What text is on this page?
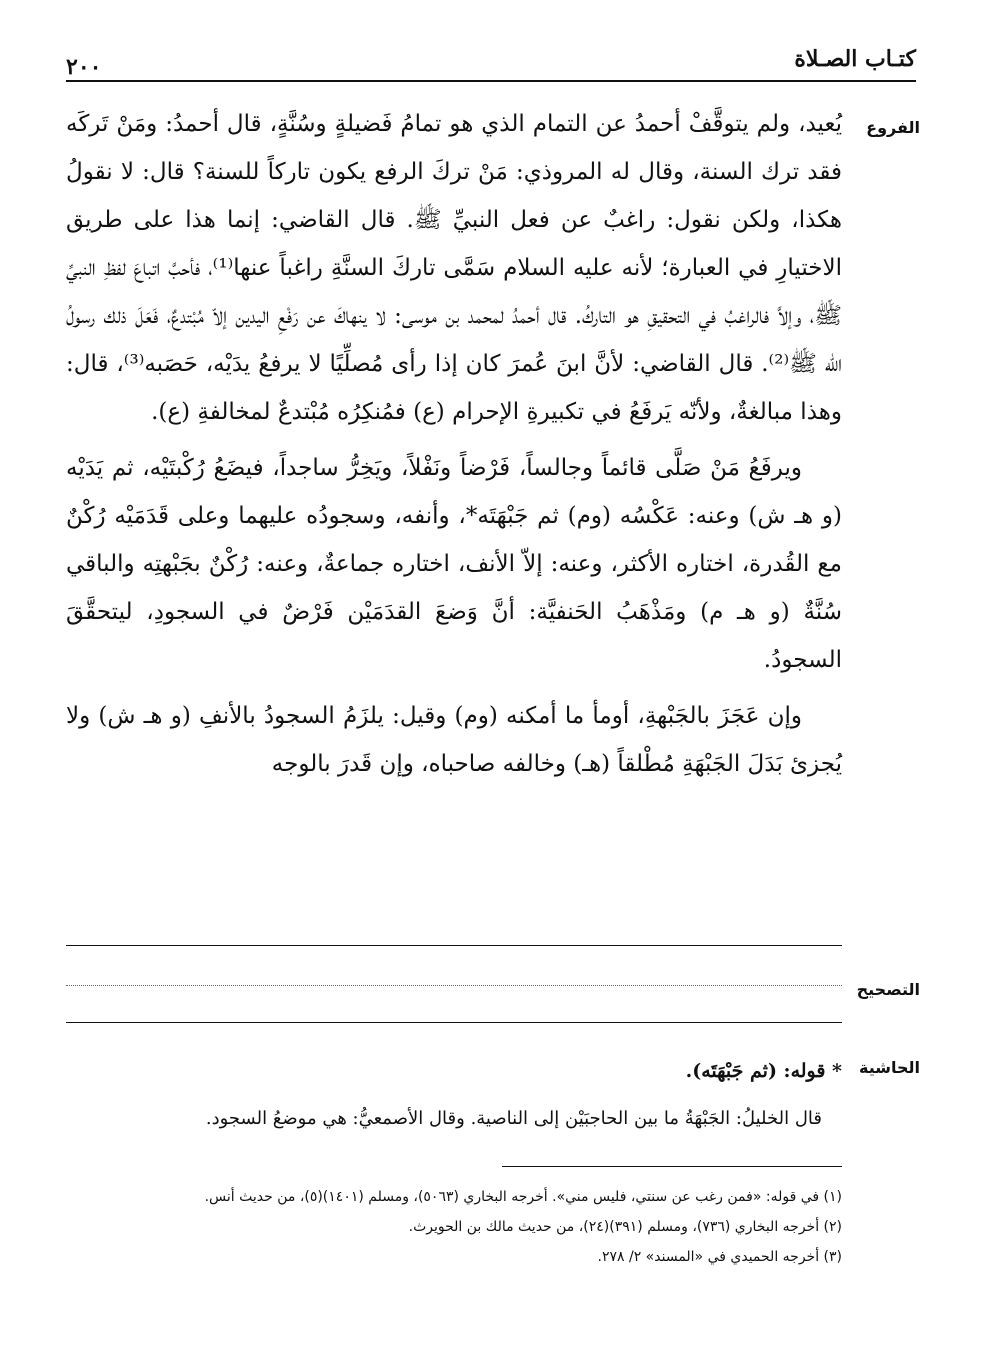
كتـاب الصـلاة
٢٠٠
الفروع

يُعيد، ولم يتوقَّفْ أحمدُ عن التمام الذي هو تمامُ فَضيلةٍ وسُنَّةٍ، قال أحمدُ: ومَنْ تَركَه فقد ترك السنة، وقال له المروذي: مَنْ تركَ الرفع يكون تاركاً للسنة؟ قال: لا نقولُ هكذا، ولكن نقول: راغبٌ عن فعل النبيِّ ﷺ. قال القاضي: إنما هذا على طريق الاختيارِ في العبارة؛ لأنه عليه السلام سَمَّى تاركَ السنَّةِ راغباً عنها⁽¹⁾، فأحبَّ اتباعَ لفظِ النبيِّ ﷺ، وإلاَّ فالراغبُ في التحقيقِ هو التاركُ. قال أحمدُ لمحمد بن موسى: لا ينهاكَ عن رَفْعِ اليدين إلاّ مُبْتدعٌ، فَعَلَ ذلك رسولُ الله ﷺ⁽²⁾. قال القاضي: لأنَّ ابنَ عُمرَ كان إذا رأى مُصلِّيًا لا يرفعُ يدَيْه، حَصَبه⁽³⁾، قال: وهذا مبالغةٌ، ولأنّه يَرفَعُ في تكبيرةِ الإحرام (ع) فمُنكِرُه مُبْتدعٌ لمخالفةِ (ع).

ويرفَعُ مَنْ صَلَّى قائماً وجالساً، فَرْضاً ونَفْلاً، ويَخِرُّ ساجداً، فيضَعُ رُكْبتَيْه، ثم يَدَيْه (و هـ ش) وعنه: عَكْسُه (وم) ثم جَبْهَتَه*، وأنفه، وسجودُه عليهما وعلى قَدَمَيْه رُكْنٌ مع القُدرة، اختاره الأكثر، وعنه: إلاّ الأنف، اختاره جماعةٌ، وعنه: رُكْنٌ بجَبْهتِه والباقي سُنَّةٌ (و هـ م) ومَذْهَبُ الحَنفيَّة: أنَّ وَضعَ القدَمَيْن فَرْضٌ في السجودِ، ليتحقَّقَ السجودُ.

وإن عَجَزَ بالجَبْهةِ، أومأ ما أمكنه (وم) وقيل: يلزَمُ السجودُ بالأنفِ (و هـ ش) ولا يُجزئ بَدَلَ الجَبْهَةِ مُطْلقاً (هـ) وخالفه صاحباه، وإن قَدرَ بالوجه

التصحيح
الحاشية
* قوله: (ثم جَبْهَتَه).
قال الخليلُ: الجَبْهَةُ ما بين الحاجبَيْن إلى الناصية. وقال الأصمعيُّ: هي موضعُ السجود.
(١) في قوله: «فمن رغب عن سنتي، فليس مني». أخرجه البخاري (٥٠٦٣)، ومسلم (١٤٠١)(٥)، من حديث أنس.
(٢) أخرجه البخاري (٧٣٦)، ومسلم (٣٩١)(٢٤)، من حديث مالك بن الحويرث.
(٣) أخرجه الحميدي في «المسند» ٢/ ٢٧٨.
